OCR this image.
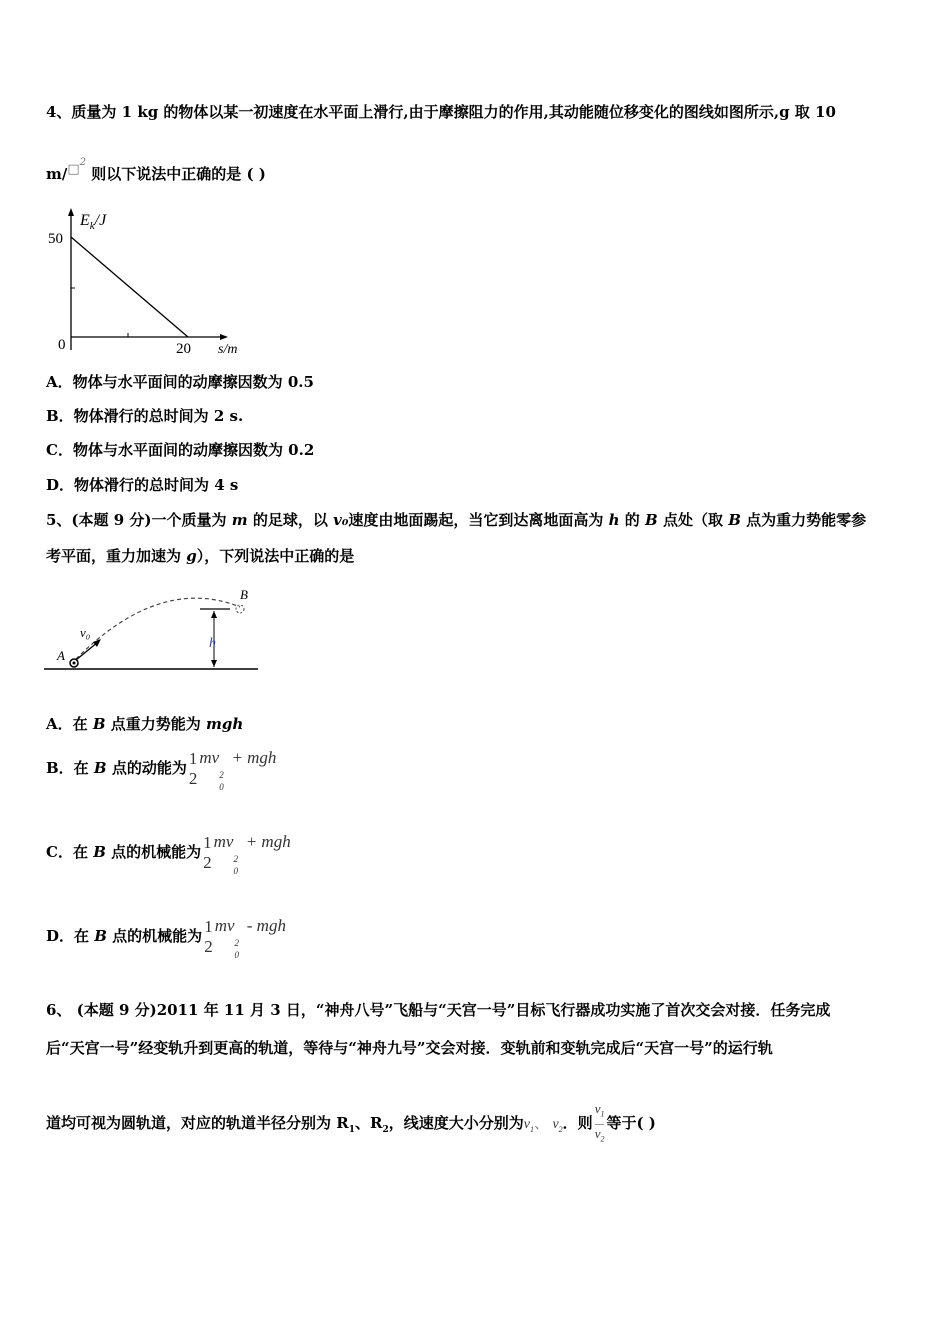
4、质量为 1 kg 的物体以某一初速度在水平面上滑行,由于摩擦阻力的作用,其动能随位移变化的图线如图所示,g 取 10
m/□$^2$ 则以下说法中正确的是 ( )
$E_k/J$
50
0	20 s/m
A．物体与水平面间的动摩擦因数为 0.5
B．物体滑行的总时间为 2 s.
C．物体与水平面间的动摩擦因数为 0.2
D．物体滑行的总时间为 4 s
5、(本题 9 分)一个质量为 m 的足球，以 v₀速度由地面踢起，当它到达离地面高为 h 的 B 点处（取 B 点为重力势能零参
考平面，重力加速为 g），下列说法中正确的是
A
B
v₀
h
A．在 B 点重力势能为 mgh
B．在 B 点的动能为 1
2
mv
2
0
+ mgh
C．在 B 点的机械能为 1
2
mv
2
0
+ mgh
D．在 B 点的机械能为 1
2
mv
2
0
- mgh
6、 (本题 9 分)2011 年 11 月 3 日，“神舟八号”飞船与“天宫一号”目标飞行器成功实施了首次交会对接．任务完成
后“天宫一号”经变轨升到更高的轨道，等待与“神舟九号”交会对接．变轨前和变轨完成后“天宫一号”的运行轨
道均可视为圆轨道，对应的轨道半径分别为 $R_1$、$R_2$，线速度大小分别为$v_1$、 $v_2$．则 $\frac{v_1}{v_2}$ 等于( )
